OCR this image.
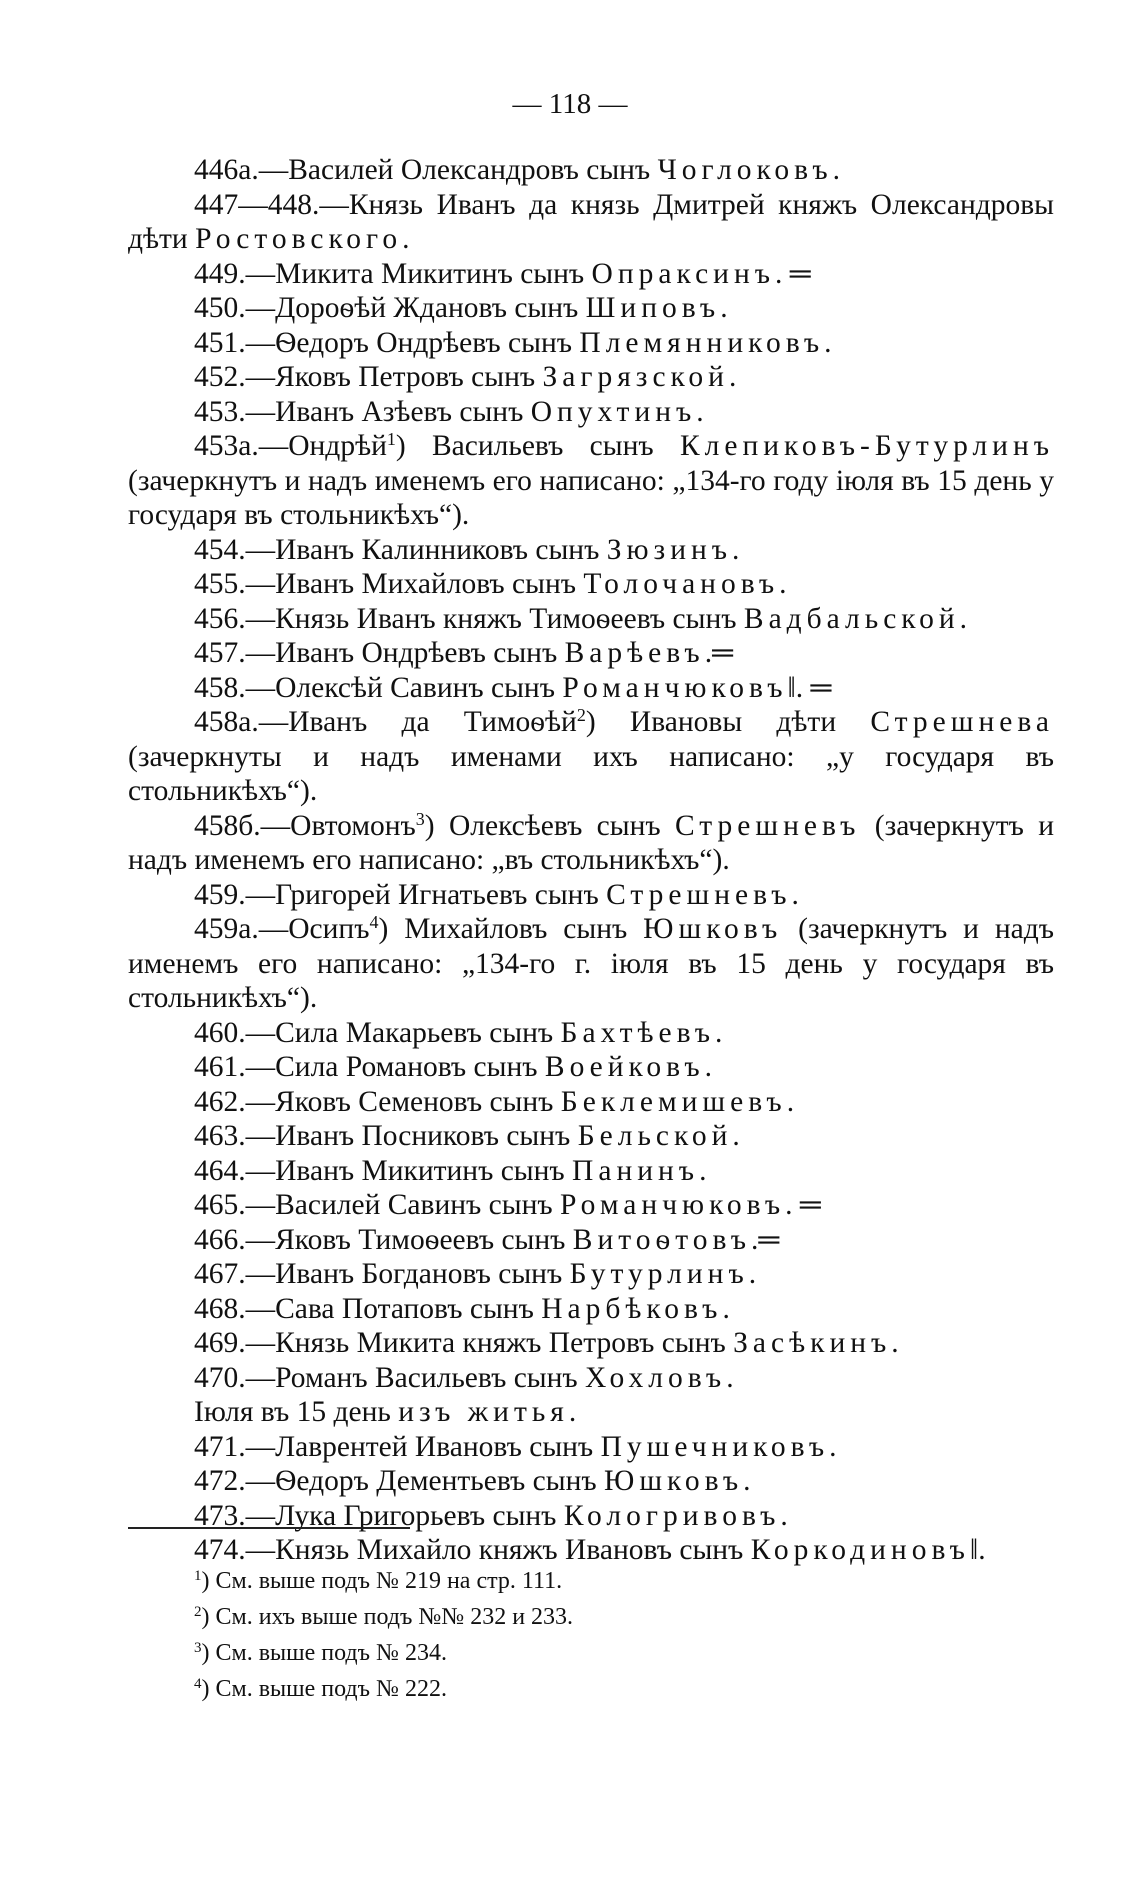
— 118 —
446а.—Василей Олександровъ сынъ Чоглоковъ.
447—448.—Князь Иванъ да князь Дмитрей княжъ Олександровы дѣти Ростовского.
449.—Микита Микитинъ сынъ Опраксинъ. ═
450.—Дороѳѣй Ждановъ сынъ Шиповъ.
451.—Ѳедоръ Ондрѣевъ сынъ Племянниковъ.
452.—Яковъ Петровъ сынъ Загрязской.
453.—Иванъ Азѣевъ сынъ Опухтинъ.
453а.—Ондрѣй$^1$) Васильевъ сынъ Клепиковъ-Бутурлинъ (зачеркнутъ и надъ именемъ его написано: „134-го году іюля въ 15 день у государя въ стольникѣхъ“).
454.—Иванъ Калинниковъ сынъ Зюзинъ.
455.—Иванъ Михайловъ сынъ Толочановъ.
456.—Князь Иванъ княжъ Тимоѳеевъ сынъ Вадбальской.
457.—Иванъ Ондрѣевъ сынъ Варѣевъ.═
458.—Олексѣй Савинъ сынъ Романчюковъ‖. ═
458а.—Иванъ да Тимоѳѣй$^2$) Ивановы дѣти Стрешнева (зачеркнуты и надъ именами ихъ написано: „у государя въ стольникѣхъ“).
458б.—Овтомонъ$^3$) Олексѣевъ сынъ Стрешневъ (зачеркнутъ и надъ именемъ его написано: „въ стольникѣхъ“).
459.—Григорей Игнатьевъ сынъ Стрешневъ.
459а.—Осипъ$^4$) Михайловъ сынъ Юшковъ (зачеркнутъ и надъ именемъ его написано: „134-го г. іюля въ 15 день у государя въ стольникѣхъ“).
460.—Сила Макарьевъ сынъ Бахтѣевъ.
461.—Сила Романовъ сынъ Воейковъ.
462.—Яковъ Семеновъ сынъ Беклемишевъ.
463.—Иванъ Посниковъ сынъ Бельской.
464.—Иванъ Микитинъ сынъ Панинъ.
465.—Василей Савинъ сынъ Романчюковъ. ═
466.—Яковъ Тимоѳеевъ сынъ Витоѳтовъ.═
467.—Иванъ Богдановъ сынъ Бутурлинъ.
468.—Сава Потаповъ сынъ Нарбѣковъ.
469.—Князь Микита княжъ Петровъ сынъ Засѣкинъ.
470.—Романъ Васильевъ сынъ Хохловъ.
Іюля въ 15 день изъ житья.
471.—Лаврентей Ивановъ сынъ Пушечниковъ.
472.—Ѳедоръ Дементьевъ сынъ Юшковъ.
473.—Лука Григорьевъ сынъ Кологривовъ.
474.—Князь Михайло княжъ Ивановъ сынъ Коркодиновъ‖.
$^1$) См. выше подъ № 219 на стр. 111.
$^2$) См. ихъ выше подъ №№ 232 и 233.
$^3$) См. выше подъ № 234.
$^4$) См. выше подъ № 222.
